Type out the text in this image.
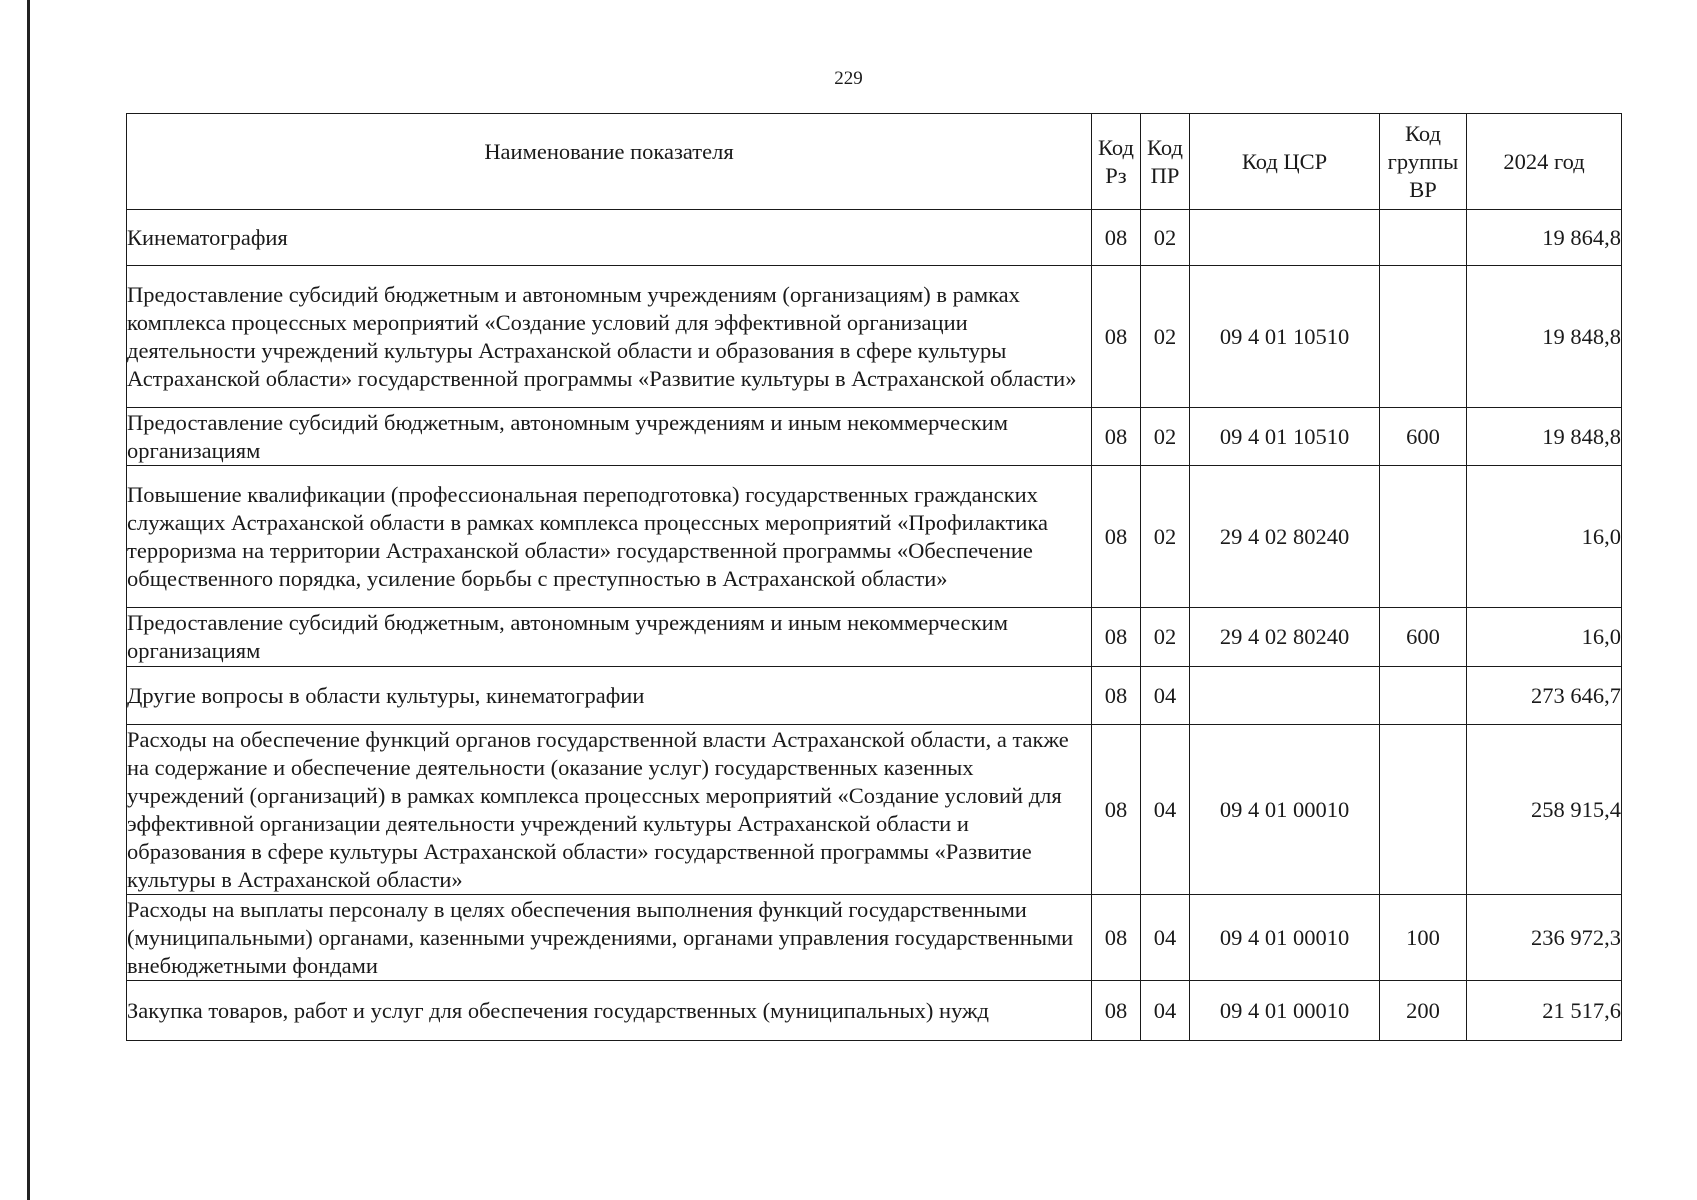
229
Наименование показателя	Код Рз	Код ПР	Код ЦСР	Код группы ВР	2024 год
Кинематография	08	02			19 864,8
Предоставление субсидий бюджетным и автономным учреждениям (организациям) в рамках комплекса процессных мероприятий «Создание условий для эффективной организации деятельности учреждений культуры Астраханской области и образования в сфере культуры Астраханской области» государственной программы «Развитие культуры в Астраханской области»	08	02	09 4 01 10510		19 848,8
Предоставление субсидий бюджетным, автономным учреждениям и иным некоммерческим организациям	08	02	09 4 01 10510	600	19 848,8
Повышение квалификации (профессиональная переподготовка) государственных гражданских служащих Астраханской области в рамках комплекса процессных мероприятий «Профилактика терроризма на территории Астраханской области» государственной программы «Обеспечение общественного порядка, усиление борьбы с преступностью в Астраханской области»	08	02	29 4 02 80240		16,0
Предоставление субсидий бюджетным, автономным учреждениям и иным некоммерческим организациям	08	02	29 4 02 80240	600	16,0
Другие вопросы в области культуры, кинематографии	08	04			273 646,7
Расходы на обеспечение функций органов государственной власти Астраханской области, а также на содержание и обеспечение деятельности (оказание услуг) государственных казенных учреждений (организаций) в рамках комплекса процессных мероприятий «Создание условий для эффективной организации деятельности учреждений культуры Астраханской области и образования в сфере культуры Астраханской области» государственной программы «Развитие культуры в Астраханской области»	08	04	09 4 01 00010		258 915,4
Расходы на выплаты персоналу в целях обеспечения выполнения функций государственными (муниципальными) органами, казенными учреждениями, органами управления государственными внебюджетными фондами	08	04	09 4 01 00010	100	236 972,3
Закупка товаров, работ и услуг для обеспечения государственных (муниципальных) нужд	08	04	09 4 01 00010	200	21 517,6
